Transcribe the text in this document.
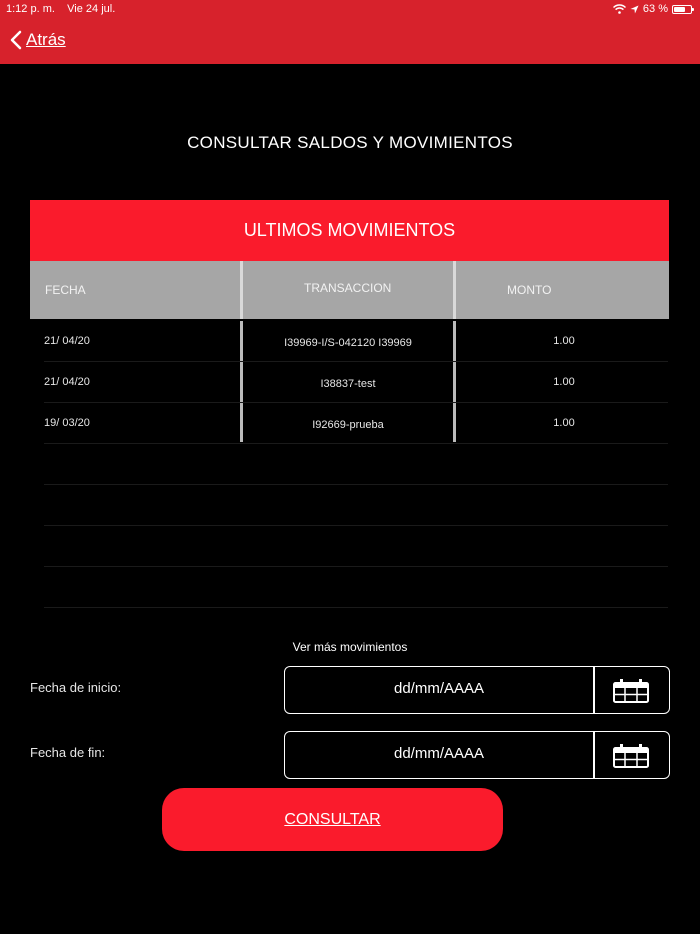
1:12 p. m. Vie 24 jul.	63 %
Atrás
CONSULTAR SALDOS Y MOVIMIENTOS
ULTIMOS MOVIMIENTOS
FECHA	TRANSACCION	MONTO
21/ 04/20	I39969-I/S-042120 I39969	1.00
21/ 04/20	I38837-test	1.00
19/ 03/20	I92669-prueba	1.00
Ver más movimientos
Fecha de inicio:	dd/mm/AAAA
Fecha de fin:	dd/mm/AAAA
CONSULTAR
